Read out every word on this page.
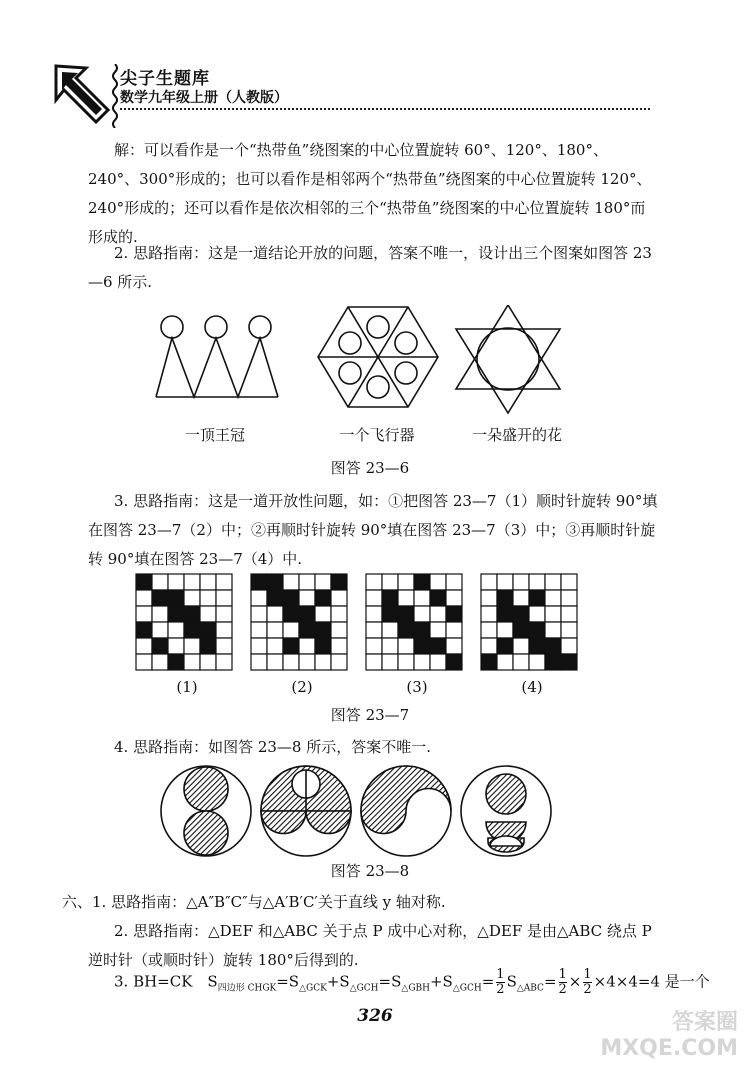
尖子生题库
数学九年级上册（人教版）
解：可以看作是一个“热带鱼”绕图案的中心位置旋转 60°、120°、180°、240°、300°形成的；也可以看作是相邻两个“热带鱼”绕图案的中心位置旋转 120°、240°形成的；还可以看作是依次相邻的三个“热带鱼”绕图案的中心位置旋转 180°而形成的.
2. 思路指南：这是一道结论开放的问题，答案不唯一，设计出三个图案如图答 23—6 所示.
一顶王冠	一个飞行器	一朵盛开的花
图答 23—6
3. 思路指南：这是一道开放性问题，如：①把图答 23—7（1）顺时针旋转 90°填在图答 23—7（2）中；②再顺时针旋转 90°填在图答 23—7（3）中；③再顺时针旋转 90°填在图答 23—7（4）中.
(1)	(2)	(3)	(4)
图答 23—7
4. 思路指南：如图答 23—8 所示，答案不唯一.
图答 23—8
六、1. 思路指南：△A″B″C″与△A′B′C′关于直线 y 轴对称.
2. 思路指南：△DEF 和△ABC 关于点 P 成中心对称，△DEF 是由△ABC 绕点 P 逆时针（或顺时针）旋转 180°后得到的.
3. BH=CK　$S_{四边形 CHGK}=S_{\triangle GCK}+S_{\triangle GCH}=S_{\triangle GBH}+S_{\triangle GCH}= \frac{1}{2} S_{\triangle ABC}= \frac{1}{2} \times \frac{1}{2} \times 4\times 4=4$ 是一个
326	答案圈 MXQE.COM
